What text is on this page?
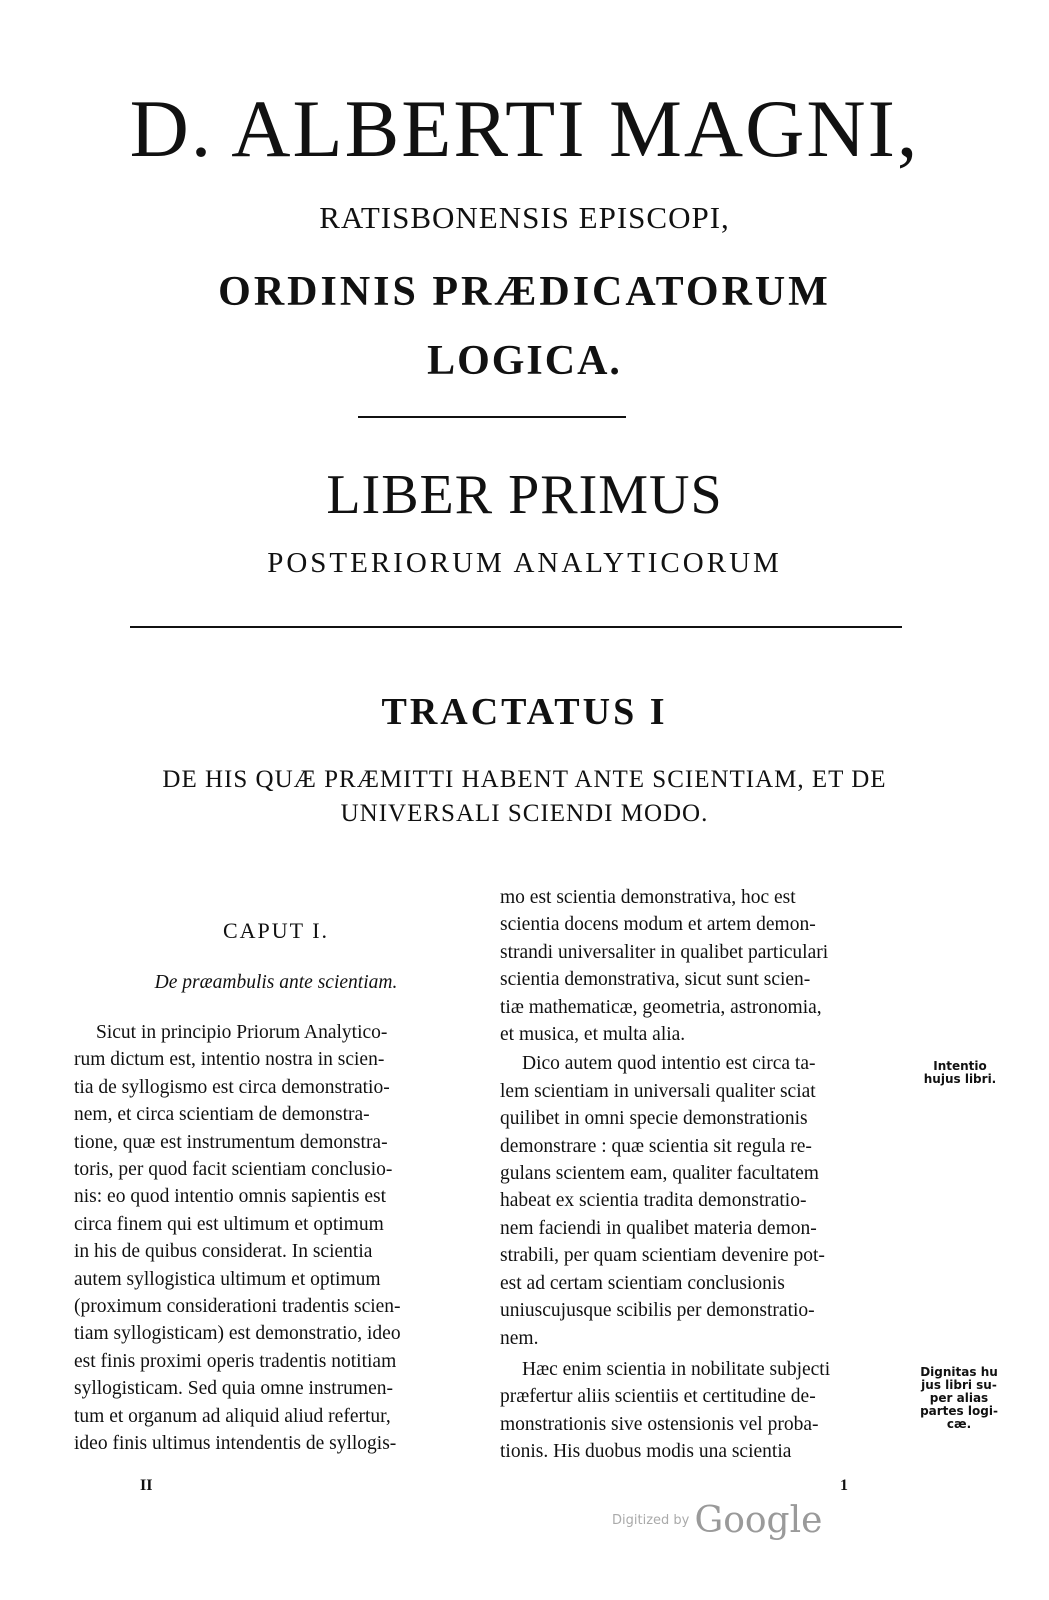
D. ALBERTI MAGNI,
RATISBONENSIS EPISCOPI,
ORDINIS PRÆDICATORUM
LOGICA.
LIBER PRIMUS
POSTERIORUM ANALYTICORUM
TRACTATUS I
DE HIS QUÆ PRÆMITTI HABENT ANTE SCIENTIAM, ET DE
UNIVERSALI SCIENDI MODO.
CAPUT I.
De præambulis ante scientiam.
Sicut in principio Priorum Analytico-
rum dictum est, intentio nostra in scien-
tia de syllogismo est circa demonstratio-
nem, et circa scientiam de demonstra-
tione, quæ est instrumentum demonstra-
toris, per quod facit scientiam conclusio-
nis: eo quod intentio omnis sapientis est
circa finem qui est ultimum et optimum
in his de quibus considerat. In scientia
autem syllogistica ultimum et optimum
(proximum considerationi tradentis scien-
tiam syllogisticam) est demonstratio, ideo
est finis proximi operis tradentis notitiam
syllogisticam. Sed quia omne instrumen-
tum et organum ad aliquid aliud refertur,
ideo finis ultimus intendentis de syllogis-
mo est scientia demonstrativa, hoc est
scientia docens modum et artem demon-
strandi universaliter in qualibet particulari
scientia demonstrativa, sicut sunt scien-
tiæ mathematicæ, geometria, astronomia,
et musica, et multa alia.
Dico autem quod intentio est circa ta-
lem scientiam in universali qualiter sciat
quilibet in omni specie demonstrationis
demonstrare : quæ scientia sit regula re-
gulans scientem eam, qualiter facultatem
habeat ex scientia tradita demonstratio-
nem faciendi in qualibet materia demon-
strabili, per quam scientiam devenire pot-
est ad certam scientiam conclusionis
uniuscujusque scibilis per demonstratio-
nem.
Hæc enim scientia in nobilitate subjecti
præfertur aliis scientiis et certitudine de-
monstrationis sive ostensionis vel proba-
tionis. His duobus modis una scientia
Intentio
hujus libri.
Dignitas hu
jus libri su-
per alias
partes logi-
cæ.
II	1
Digitized by Google
